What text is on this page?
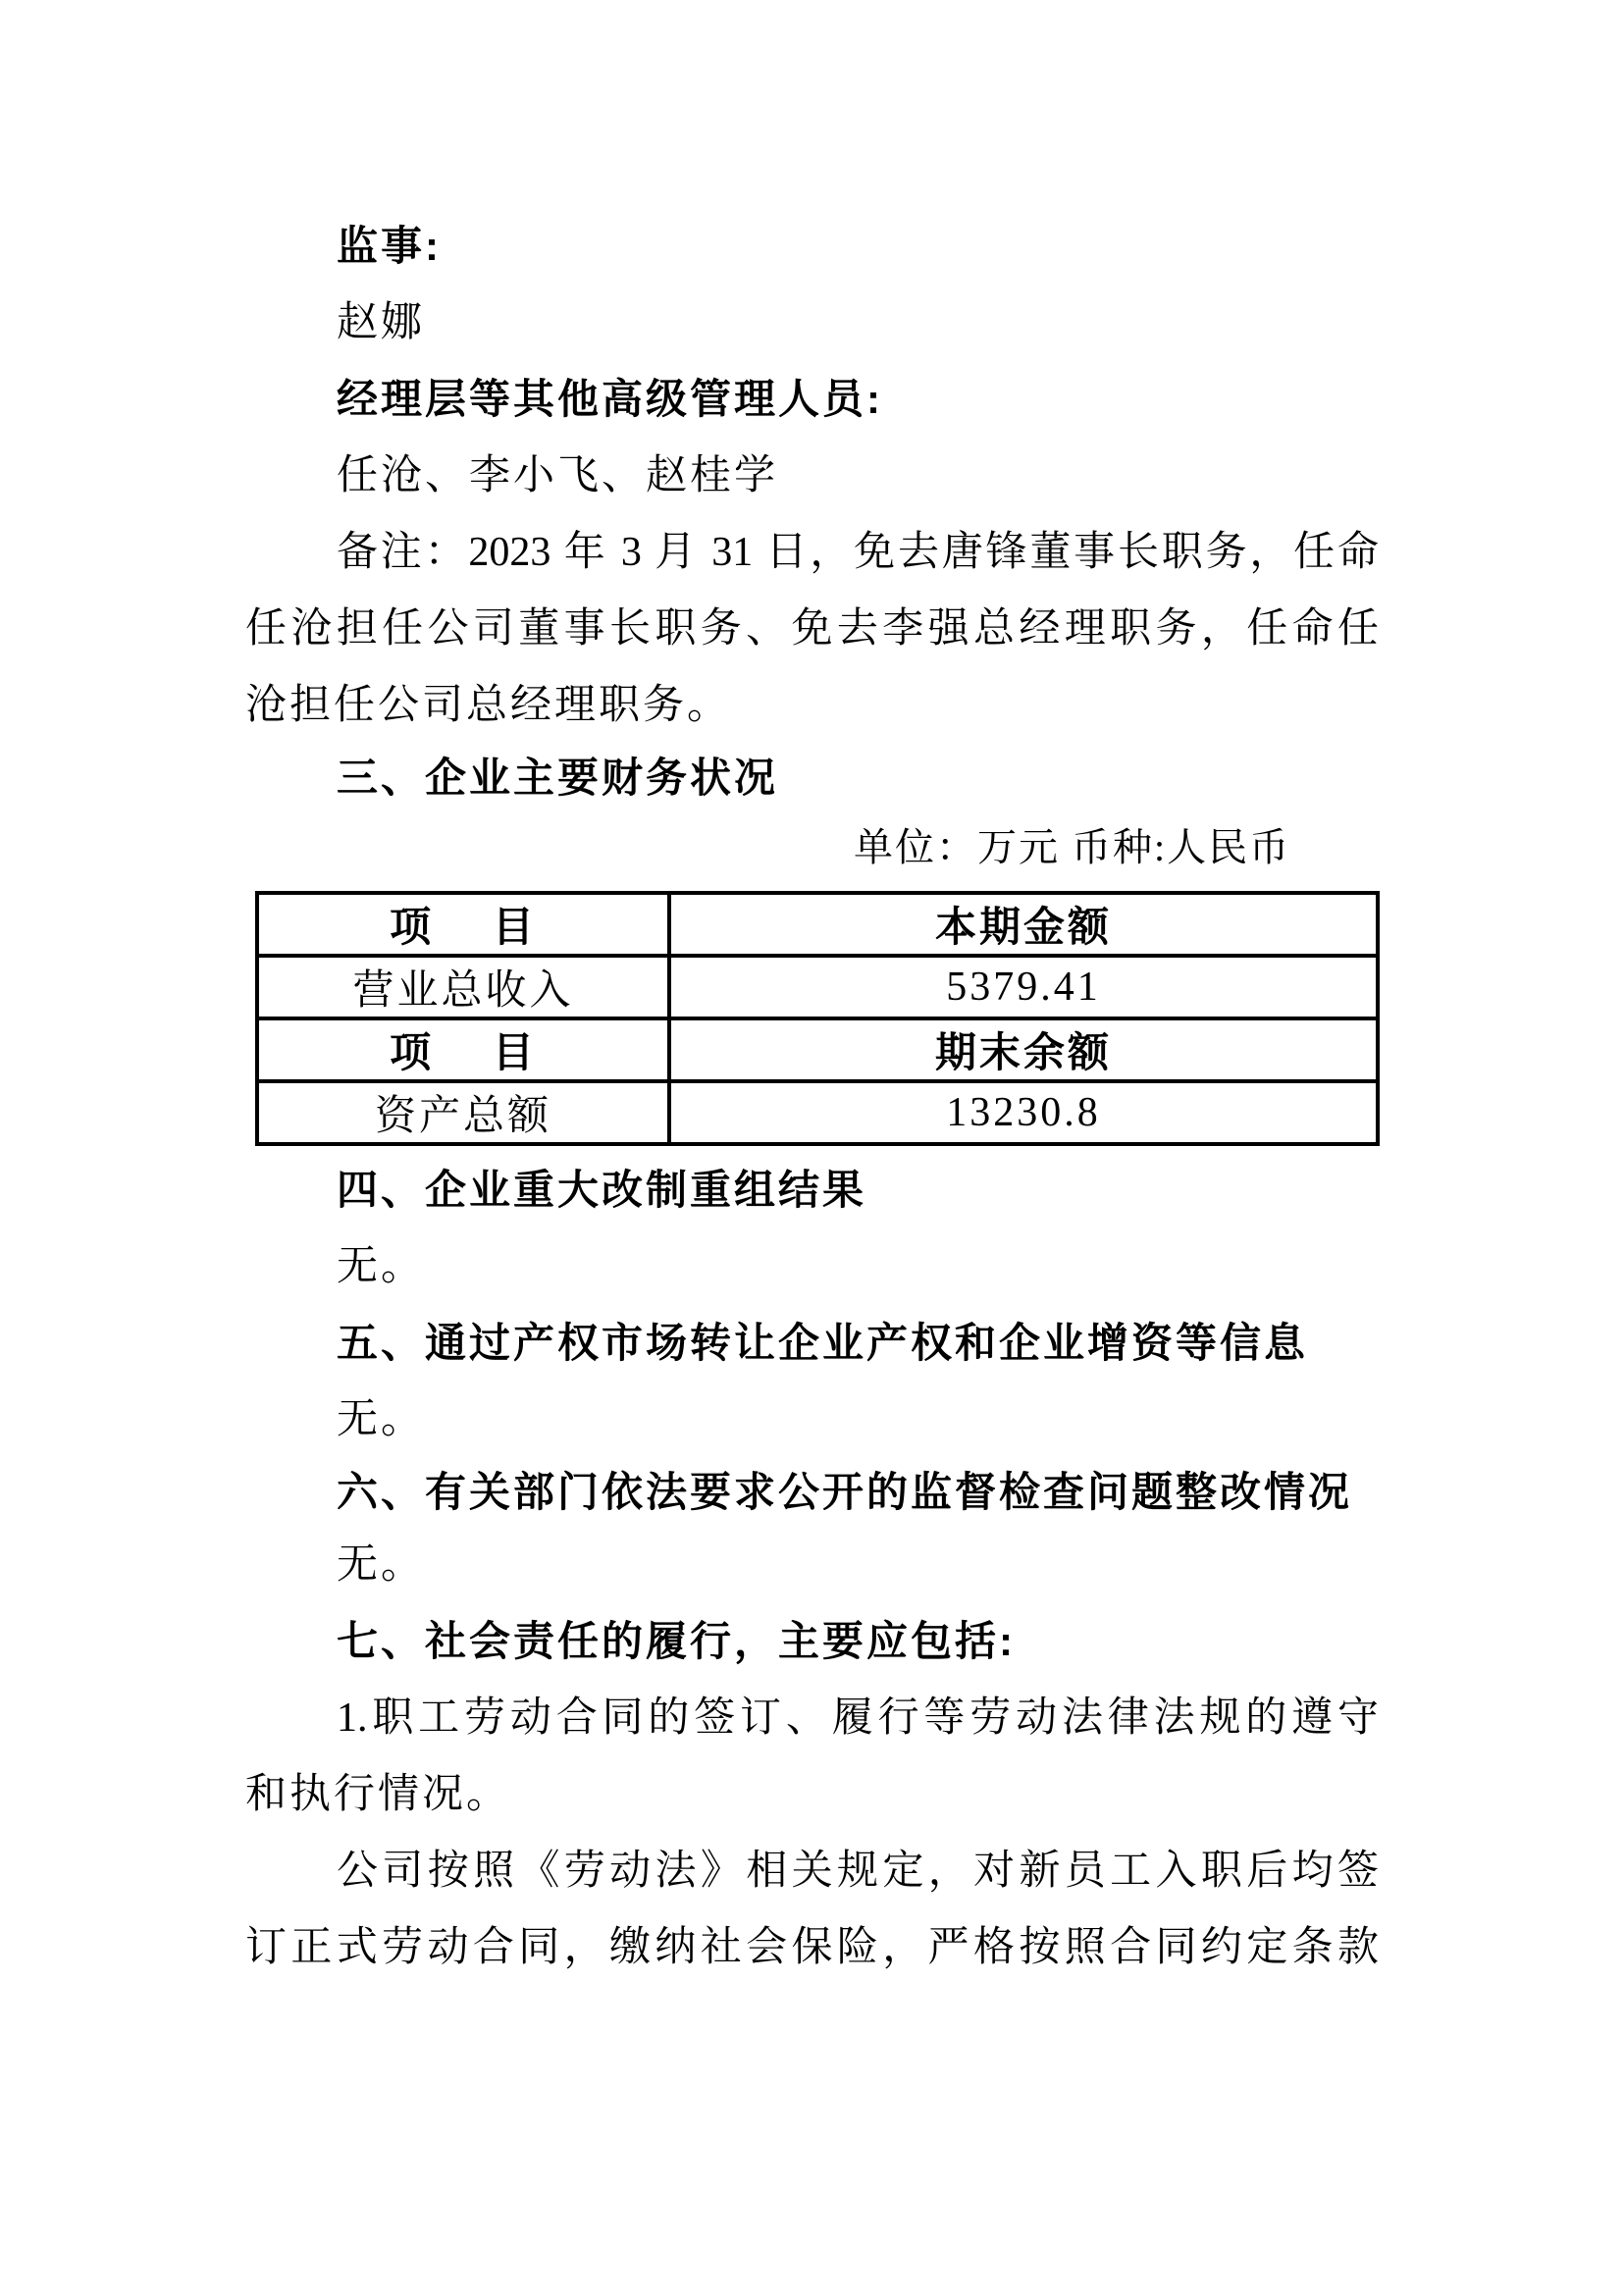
监事:
赵娜
经理层等其他高级管理人员:
任沧、李小飞、赵桂学
备注：2023 年 3 月 31 日，免去唐锋董事长职务，任命
任沧担任公司董事长职务、免去李强总经理职务，任命任
沧担任公司总经理职务。
三、企业主要财务状况
单位：万元 币种:人民币
项　 目	本期金额
营业总收入	5379.41
项　 目	期末余额
资产总额	13230.8
四、企业重大改制重组结果
无。
五、通过产权市场转让企业产权和企业增资等信息
无。
六、有关部门依法要求公开的监督检查问题整改情况
无。
七、社会责任的履行，主要应包括:
1.职工劳动合同的签订、履行等劳动法律法规的遵守
和执行情况。
公司按照《劳动法》相关规定，对新员工入职后均签
订正式劳动合同，缴纳社会保险，严格按照合同约定条款
